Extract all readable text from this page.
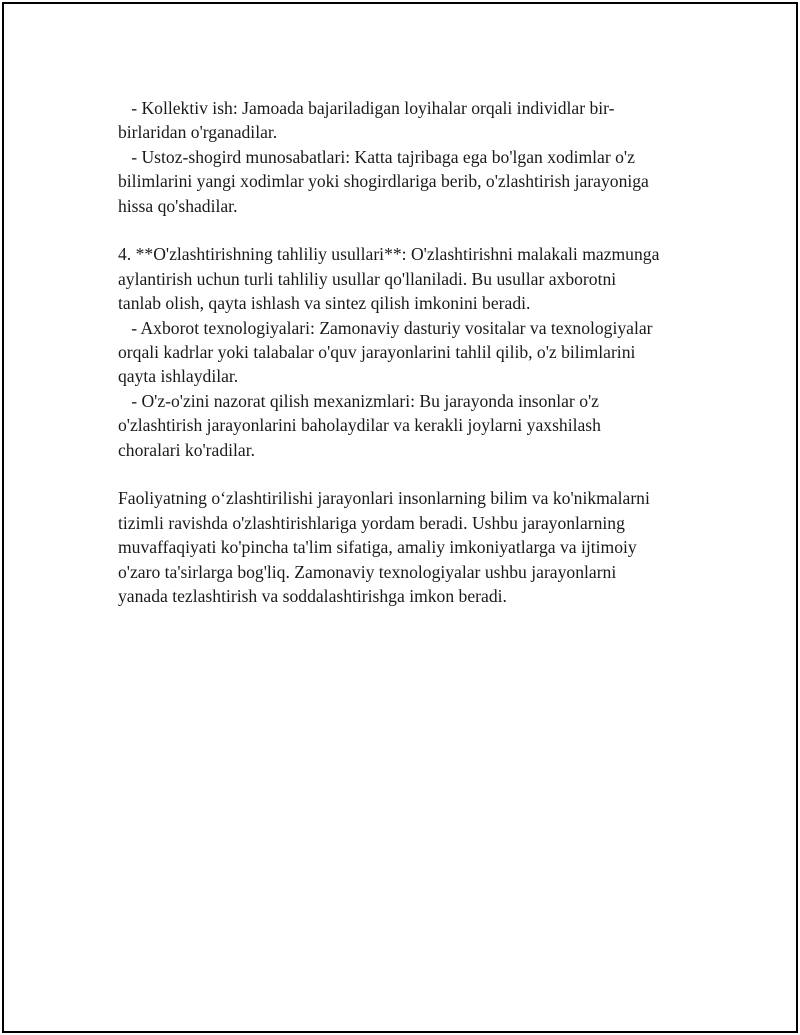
- Kollektiv ish: Jamoada bajariladigan loyihalar orqali individlar bir-
birlaridan o'rganadilar.
- Ustoz-shogird munosabatlari: Katta tajribaga ega bo'lgan xodimlar o'z
bilimlarini yangi xodimlar yoki shogirdlariga berib, o'zlashtirish jarayoniga
hissa qo'shadilar.
4. **O'zlashtirishning tahliliy usullari**: O'zlashtirishni malakali mazmunga
aylantirish uchun turli tahliliy usullar qo'llaniladi. Bu usullar axborotni
tanlab olish, qayta ishlash va sintez qilish imkonini beradi.
- Axborot texnologiyalari: Zamonaviy dasturiy vositalar va texnologiyalar
orqali kadrlar yoki talabalar o'quv jarayonlarini tahlil qilib, o'z bilimlarini
qayta ishlaydilar.
- O'z-o'zini nazorat qilish mexanizmlari: Bu jarayonda insonlar o'z
o'zlashtirish jarayonlarini baholaydilar va kerakli joylarni yaxshilash
choralari ko'radilar.
Faoliyatning o‘zlashtirilishi jarayonlari insonlarning bilim va ko'nikmalarni
tizimli ravishda o'zlashtirishlariga yordam beradi. Ushbu jarayonlarning
muvaffaqiyati ko'pincha ta'lim sifatiga, amaliy imkoniyatlarga va ijtimoiy
o'zaro ta'sirlarga bog'liq. Zamonaviy texnologiyalar ushbu jarayonlarni
yanada tezlashtirish va soddalashtirishga imkon beradi.
